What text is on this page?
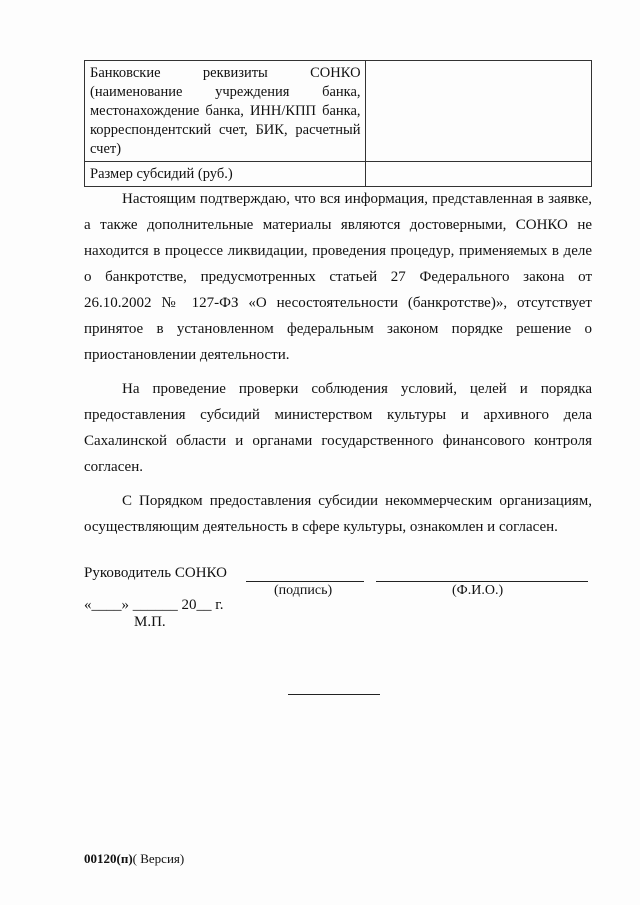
Банковские реквизиты СОНКО (наименование учреждения банка, местонахождение банка, ИНН/КПП банка, корреспондентский счет, БИК, расчетный счет)	
Размер субсидий (руб.)	

Настоящим подтверждаю, что вся информация, представленная в заявке, а также дополнительные материалы являются достоверными, СОНКО не находится в процессе ликвидации, проведения процедур, применяемых в деле о банкротстве, предусмотренных статьей 27 Федерального закона от 26.10.2002 № 127-ФЗ «О несостоятельности (банкротстве)», отсутствует принятое в установленном федеральным законом порядке решение о приостановлении деятельности.

На проведение проверки соблюдения условий, целей и порядка предоставления субсидий министерством культуры и архивного дела Сахалинской области и органами государственного финансового контроля согласен.

С Порядком предоставления субсидии некоммерческим организациям, осуществляющим деятельность в сфере культуры, ознакомлен и согласен.

Руководитель СОНКО
(подпись)	(Ф.И.О.)
«____» ______ 20__ г.
М.П.
00120(п)( Версия)
